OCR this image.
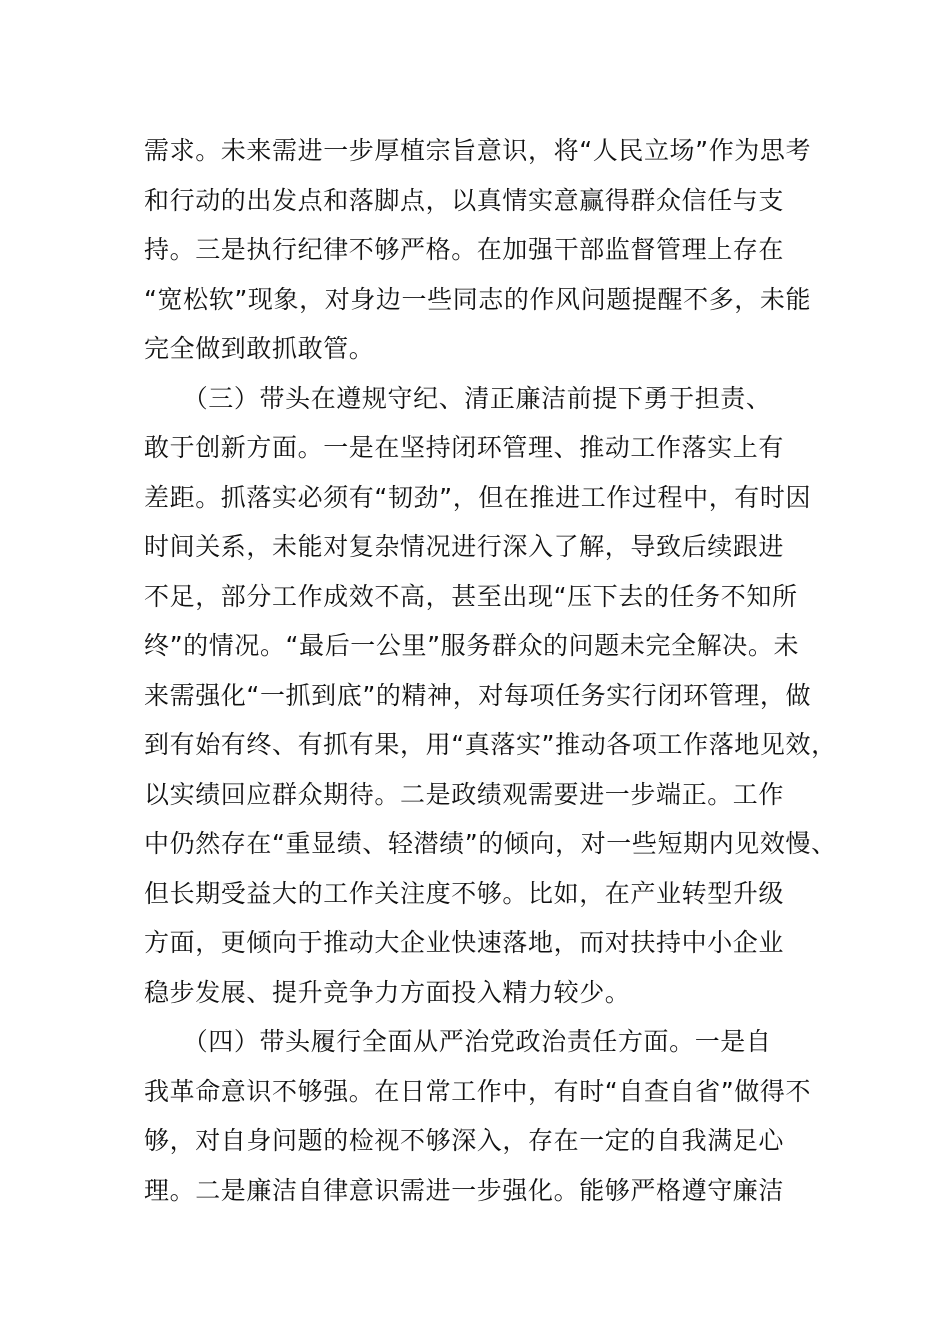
需求。未来需进一步厚植宗旨意识，将“人民立场”作为思考
和行动的出发点和落脚点，以真情实意赢得群众信任与支
持。三是执行纪律不够严格。在加强干部监督管理上存在
“宽松软”现象，对身边一些同志的作风问题提醒不多，未能
完全做到敢抓敢管。
　　（三）带头在遵规守纪、清正廉洁前提下勇于担责、
敢于创新方面。一是在坚持闭环管理、推动工作落实上有
差距。抓落实必须有“韧劲”，但在推进工作过程中，有时因
时间关系，未能对复杂情况进行深入了解，导致后续跟进
不足，部分工作成效不高，甚至出现“压下去的任务不知所
终”的情况。“最后一公里”服务群众的问题未完全解决。未
来需强化“一抓到底”的精神，对每项任务实行闭环管理，做
到有始有终、有抓有果，用“真落实”推动各项工作落地见效，
以实绩回应群众期待。二是政绩观需要进一步端正。工作
中仍然存在“重显绩、轻潜绩”的倾向，对一些短期内见效慢、
但长期受益大的工作关注度不够。比如，在产业转型升级
方面，更倾向于推动大企业快速落地，而对扶持中小企业
稳步发展、提升竞争力方面投入精力较少。
　　（四）带头履行全面从严治党政治责任方面。一是自
我革命意识不够强。在日常工作中，有时“自查自省”做得不
够，对自身问题的检视不够深入，存在一定的自我满足心
理。二是廉洁自律意识需进一步强化。能够严格遵守廉洁
